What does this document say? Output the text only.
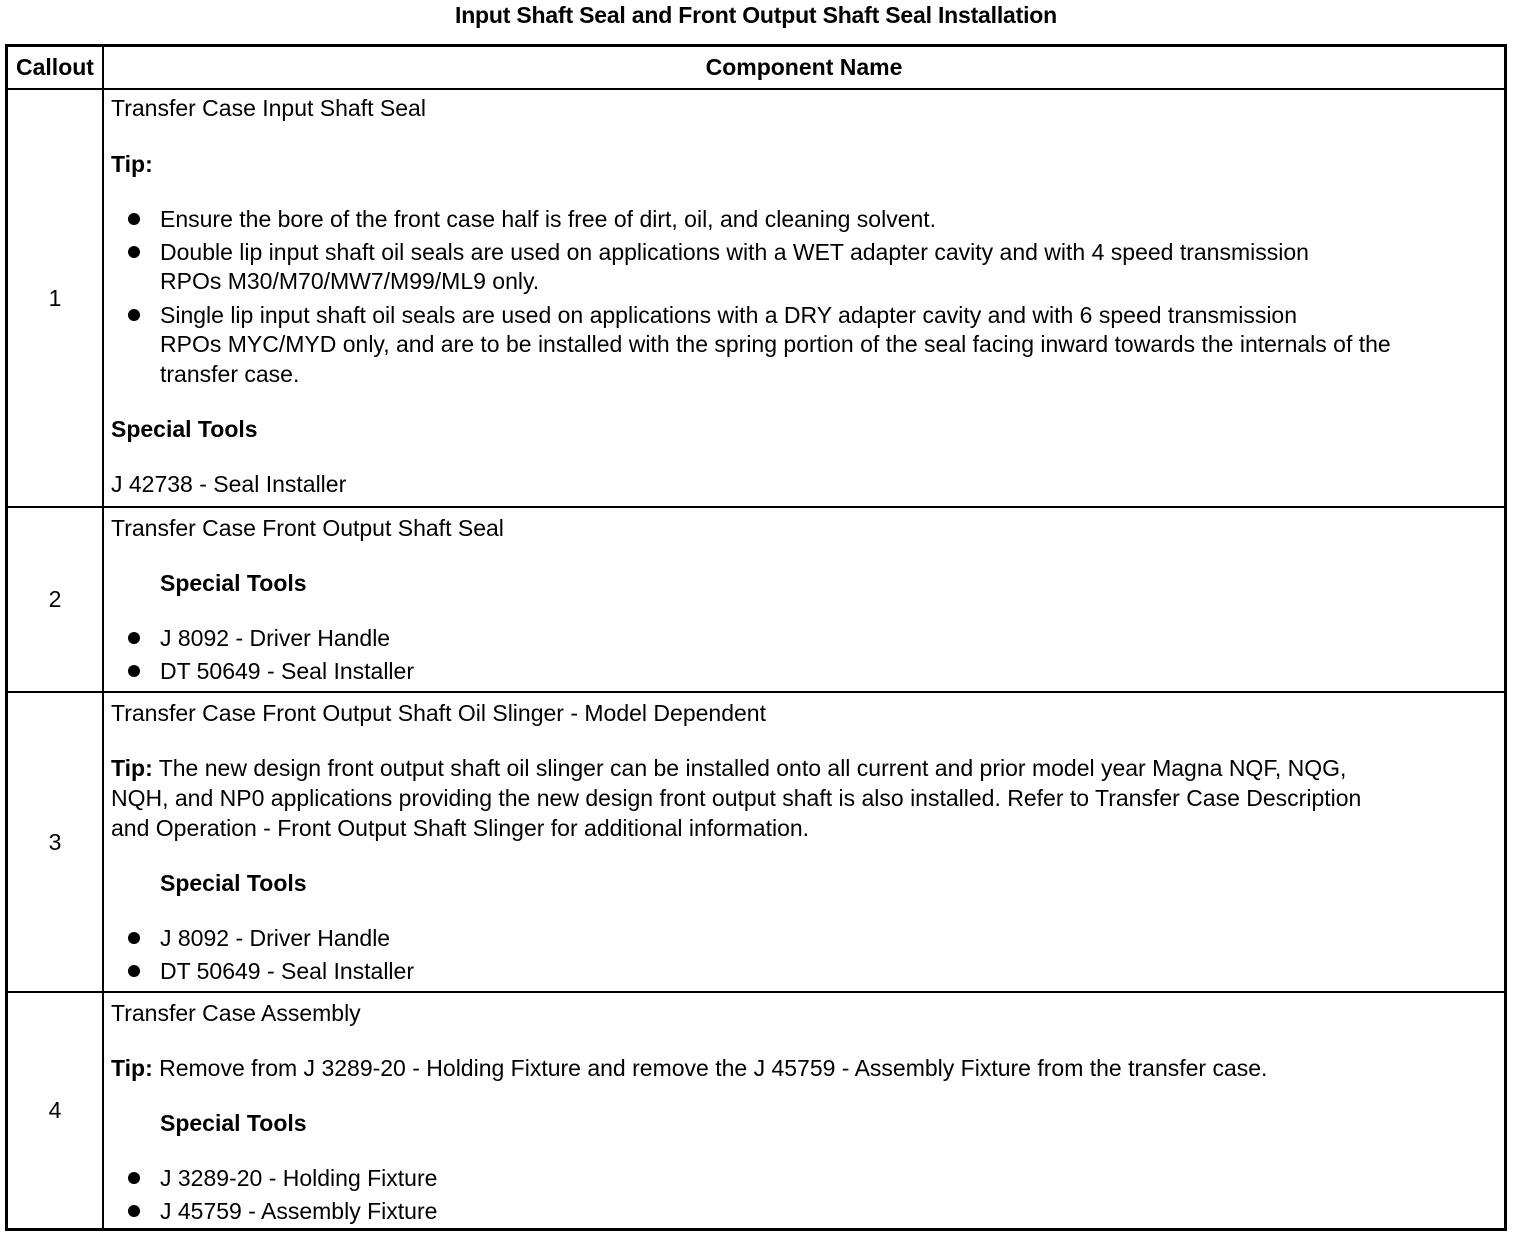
Input Shaft Seal and Front Output Shaft Seal Installation
Callout	Component Name
1
Transfer Case Input Shaft Seal
Tip:
Ensure the bore of the front case half is free of dirt, oil, and cleaning solvent.
Double lip input shaft oil seals are used on applications with a WET adapter cavity and with 4 speed transmission
RPOs M30/M70/MW7/M99/ML9 only.
Single lip input shaft oil seals are used on applications with a DRY adapter cavity and with 6 speed transmission
RPOs MYC/MYD only, and are to be installed with the spring portion of the seal facing inward towards the internals of the
transfer case.
Special Tools
J 42738 - Seal Installer
2
Transfer Case Front Output Shaft Seal
Special Tools
J 8092 - Driver Handle
DT 50649 - Seal Installer
3
Transfer Case Front Output Shaft Oil Slinger - Model Dependent
Tip: The new design front output shaft oil slinger can be installed onto all current and prior model year Magna NQF, NQG,
NQH, and NP0 applications providing the new design front output shaft is also installed. Refer to Transfer Case Description
and Operation - Front Output Shaft Slinger for additional information.
Special Tools
J 8092 - Driver Handle
DT 50649 - Seal Installer
4
Transfer Case Assembly
Tip: Remove from J 3289-20 - Holding Fixture and remove the J 45759 - Assembly Fixture from the transfer case.
Special Tools
J 3289-20 - Holding Fixture
J 45759 - Assembly Fixture
